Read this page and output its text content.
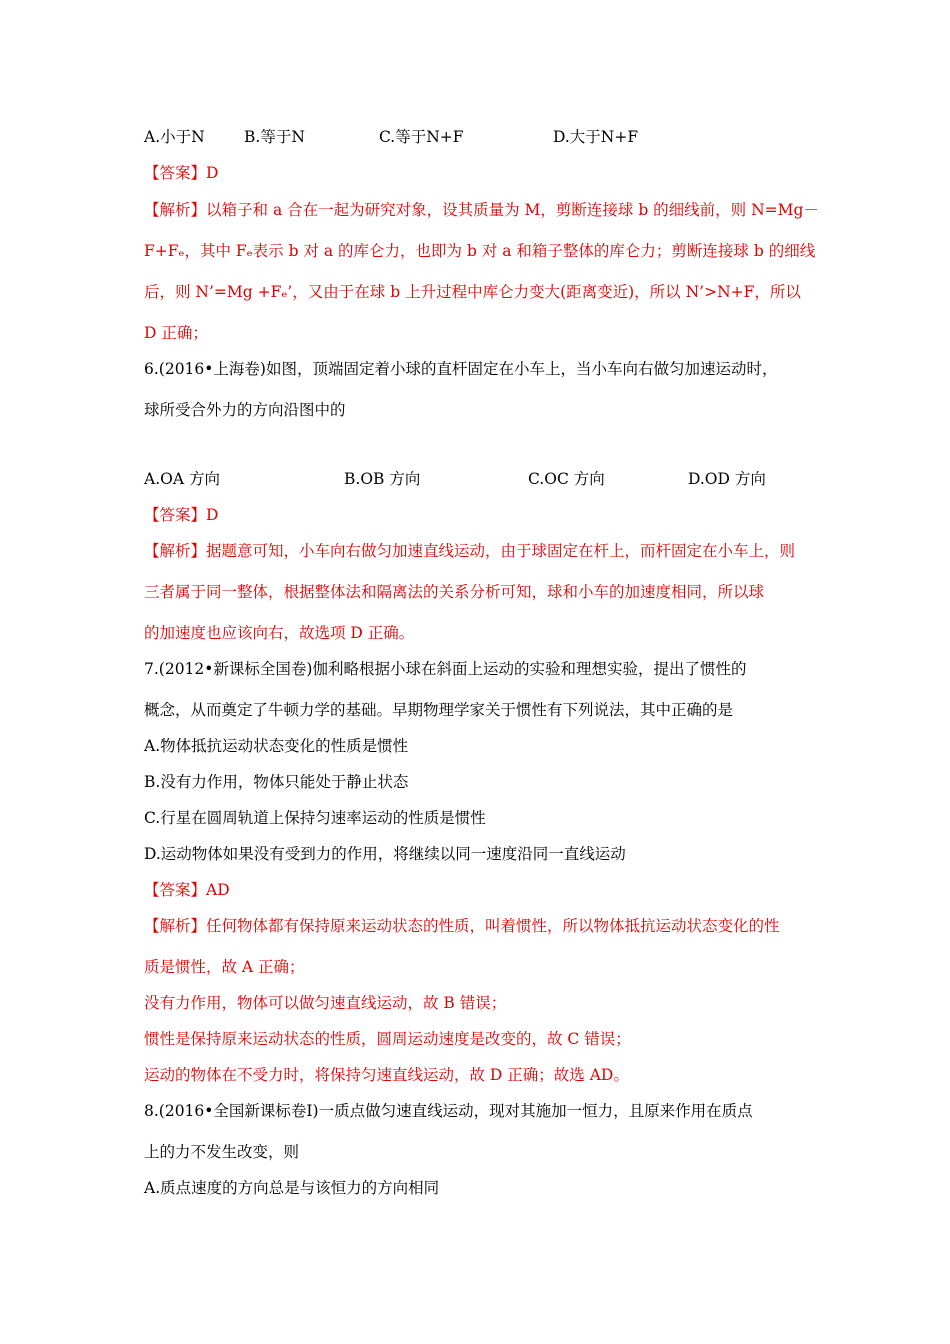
A.小于N	B.等于N	C.等于N+F	D.大于N+F
【答案】D
【解析】以箱子和 a 合在一起为研究对象，设其质量为 M，剪断连接球 b 的细线前，则 N=Mg－
F+Fₑ，其中 Fₑ表示 b 对 a 的库仑力，也即为 b 对 a 和箱子整体的库仑力；剪断连接球 b 的细线
后，则 N’=Mg +Fₑ’，又由于在球 b 上升过程中库仑力变大(距离变近)，所以 N’>N+F，所以
D 正确；
6.(2016•上海卷)如图，顶端固定着小球的直杆固定在小车上，当小车向右做匀加速运动时，
球所受合外力的方向沿图中的
A.OA 方向	B.OB 方向	C.OC 方向	D.OD 方向
【答案】D
【解析】据题意可知，小车向右做匀加速直线运动，由于球固定在杆上，而杆固定在小车上，则
三者属于同一整体，根据整体法和隔离法的关系分析可知，球和小车的加速度相同，所以球
的加速度也应该向右，故选项 D 正确。
7.(2012•新课标全国卷)伽利略根据小球在斜面上运动的实验和理想实验，提出了惯性的
概念，从而奠定了牛顿力学的基础。早期物理学家关于惯性有下列说法，其中正确的是
A.物体抵抗运动状态变化的性质是惯性
B.没有力作用，物体只能处于静止状态
C.行星在圆周轨道上保持匀速率运动的性质是惯性
D.运动物体如果没有受到力的作用，将继续以同一速度沿同一直线运动
【答案】AD
【解析】任何物体都有保持原来运动状态的性质，叫着惯性，所以物体抵抗运动状态变化的性
质是惯性，故 A 正确；
没有力作用，物体可以做匀速直线运动，故 B 错误；
惯性是保持原来运动状态的性质，圆周运动速度是改变的，故 C 错误；
运动的物体在不受力时，将保持匀速直线运动，故 D 正确；故选 AD。
8.(2016•全国新课标卷Ⅰ)一质点做匀速直线运动，现对其施加一恒力，且原来作用在质点
上的力不发生改变，则
A.质点速度的方向总是与该恒力的方向相同
